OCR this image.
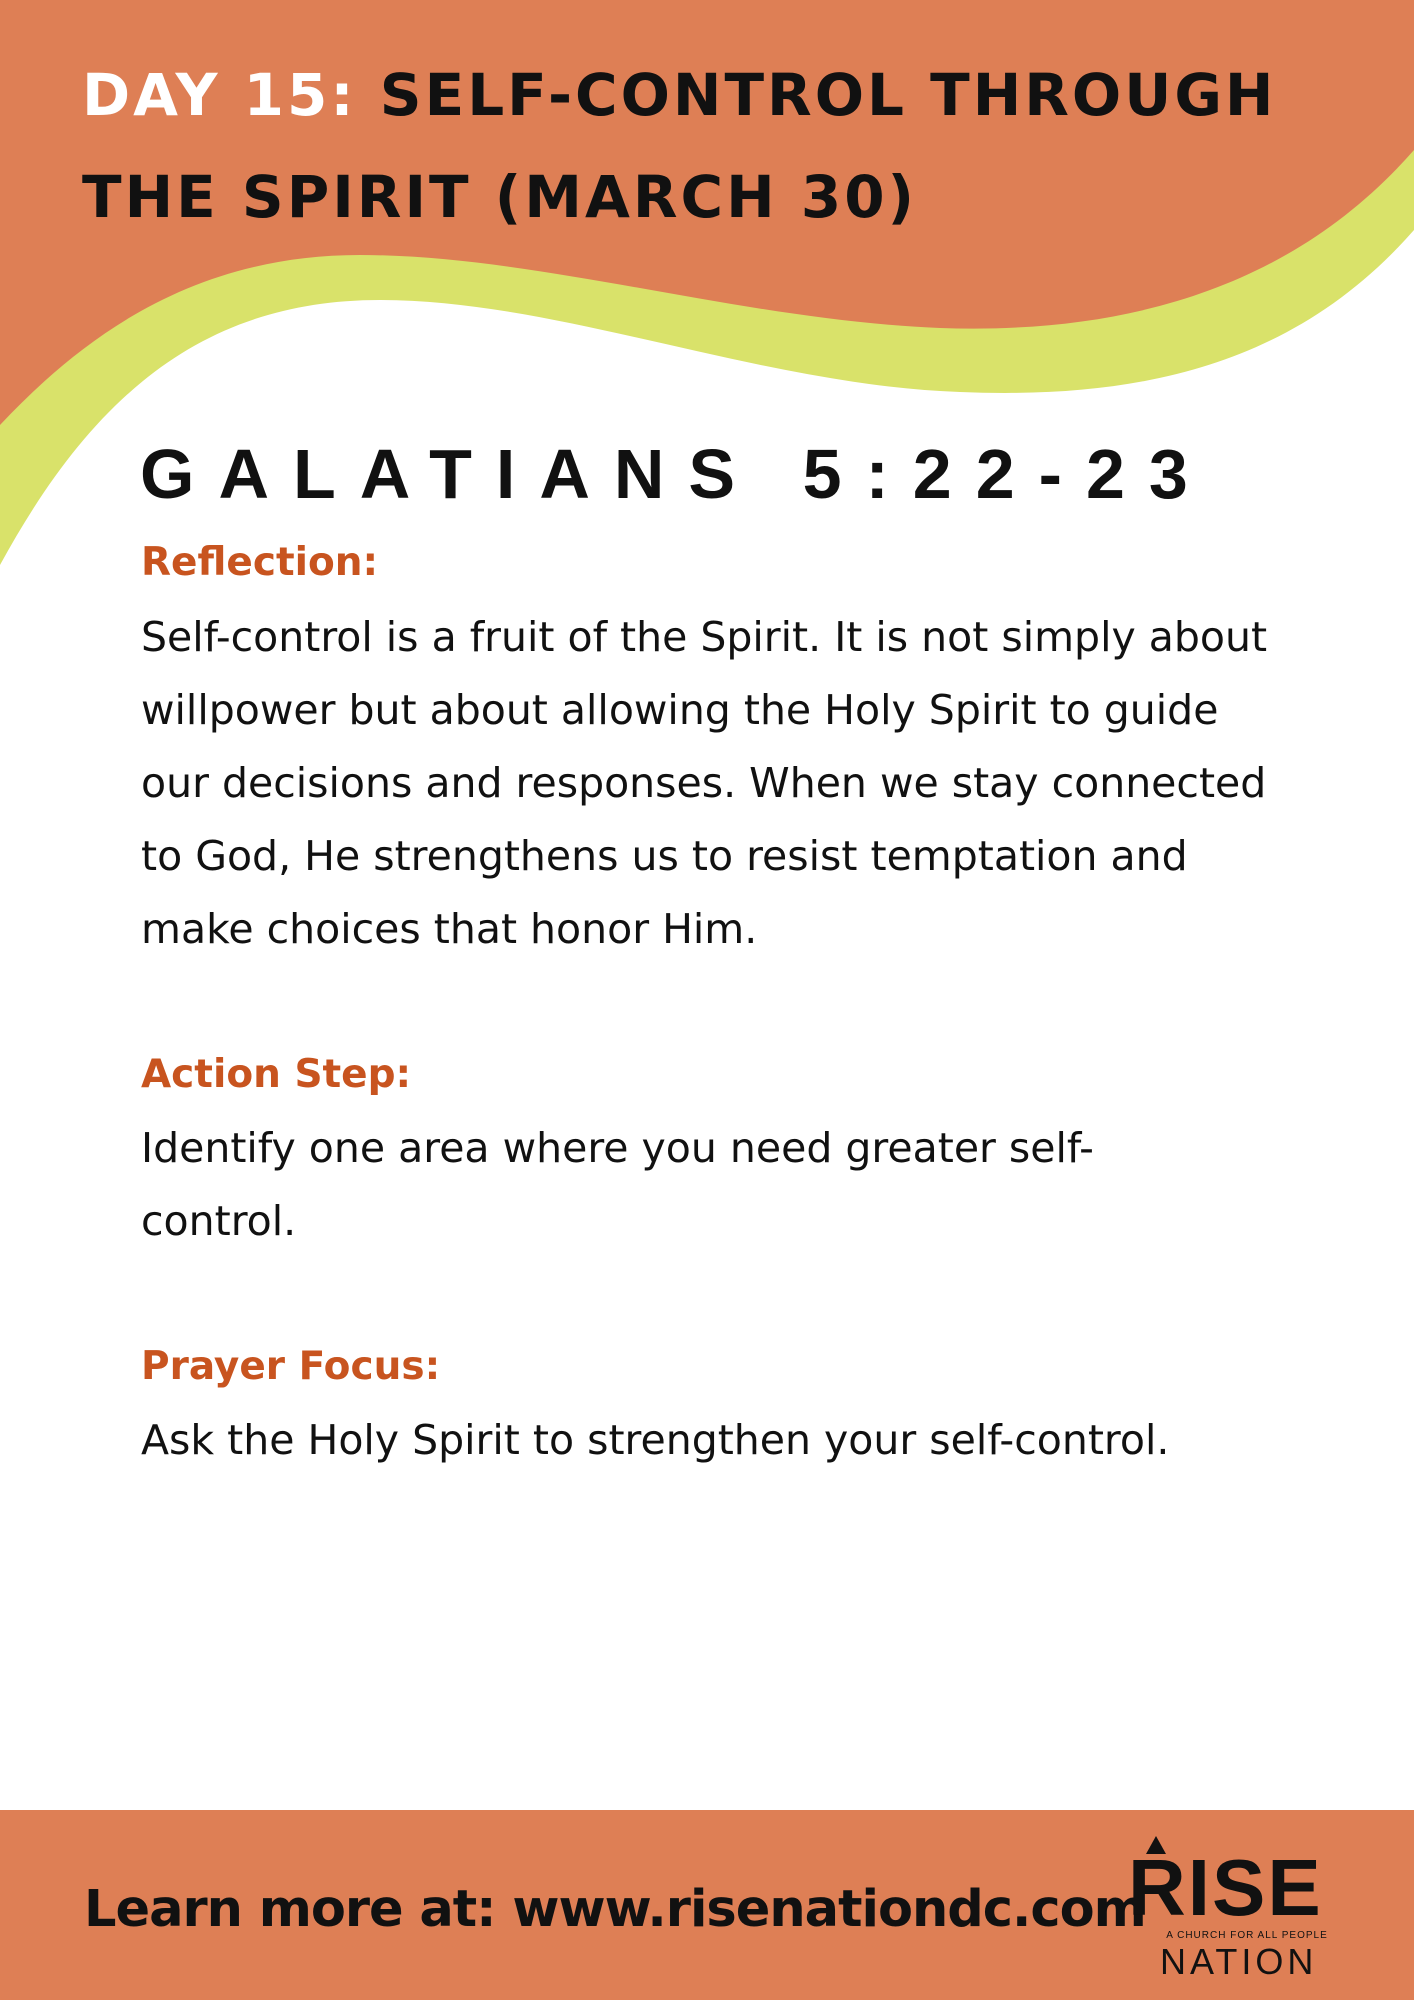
DAY 15: SELF-CONTROL THROUGH THE SPIRIT (MARCH 30)
GALATIANS 5:22-23
Reflection:
Self-control is a fruit of the Spirit. It is not simply about willpower but about allowing the Holy Spirit to guide our decisions and responses. When we stay connected to God, He strengthens us to resist temptation and make choices that honor Him.
Action Step:
Identify one area where you need greater self-control.
Prayer Focus:
Ask the Holy Spirit to strengthen your self-control.
Learn more at: www.risenationdc.com
RISE
A CHURCH FOR ALL PEOPLE
NATION
